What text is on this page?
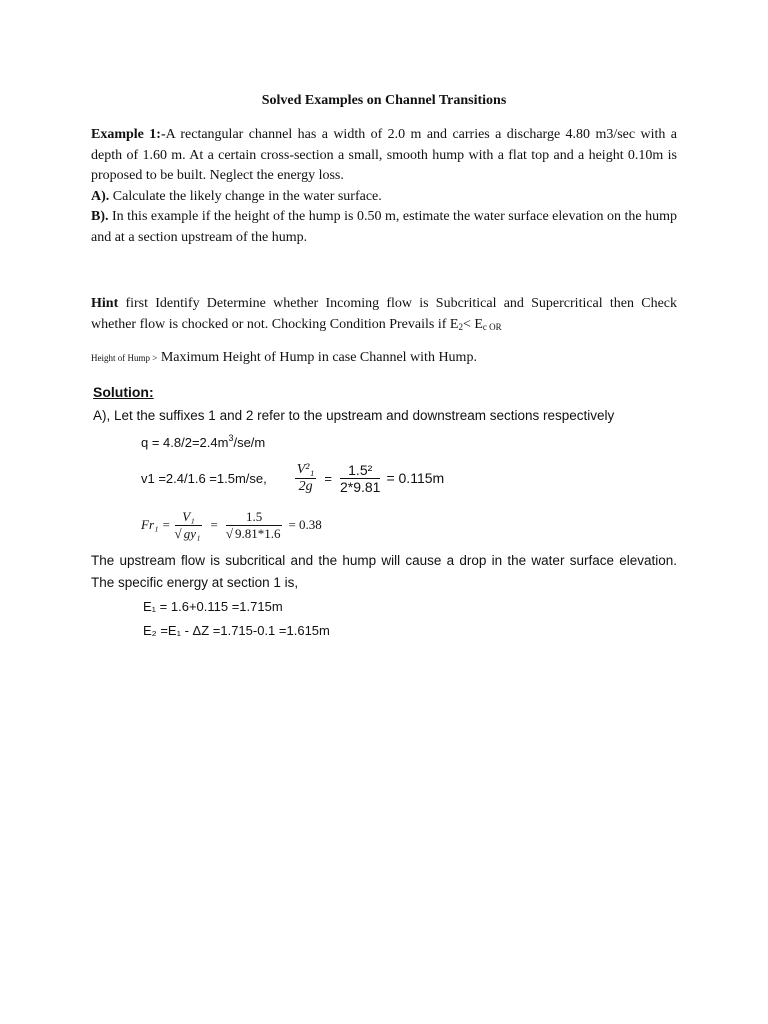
Solved Examples on Channel Transitions
Example 1:-A rectangular channel has a width of 2.0 m and carries a discharge 4.80 m3/sec with a depth of 1.60 m. At a certain cross-section a small, smooth hump with a flat top and a height 0.10m is proposed to be built. Neglect the energy loss.
A). Calculate the likely change in the water surface.
B). In this example if the height of the hump is 0.50 m, estimate the water surface elevation on the hump and at a section upstream of the hump.
Hint first Identify Determine whether Incoming flow is Subcritical and Supercritical then Check whether flow is chocked or not. Chocking Condition Prevails if $E_2< E_{c OR}$
Height of Hump > Maximum Height of Hump in case Channel with Hump.
Solution:
A), Let the suffixes 1 and 2 refer to the upstream and downstream sections respectively
$q = 4.8/2=2.4m^3/se/m$
v1 =2.4/1.6 =1.5m/se, $\frac{\text{V²₁}}{2g} = \frac{\text{1.5²}}{2*9.81} = 0.115m$
$Fr_1 = \frac{\text{V₁}}{\text{√ gy₁}} = \frac{1.5}{√ 9.81*1.6} = 0.38$
The upstream flow is subcritical and the hump will cause a drop in the water surface elevation. The specific energy at section 1 is,
E₁ = 1.6+0.115 =1.715m
E₂ =E₁ - ΔZ =1.715-0.1 =1.615m
